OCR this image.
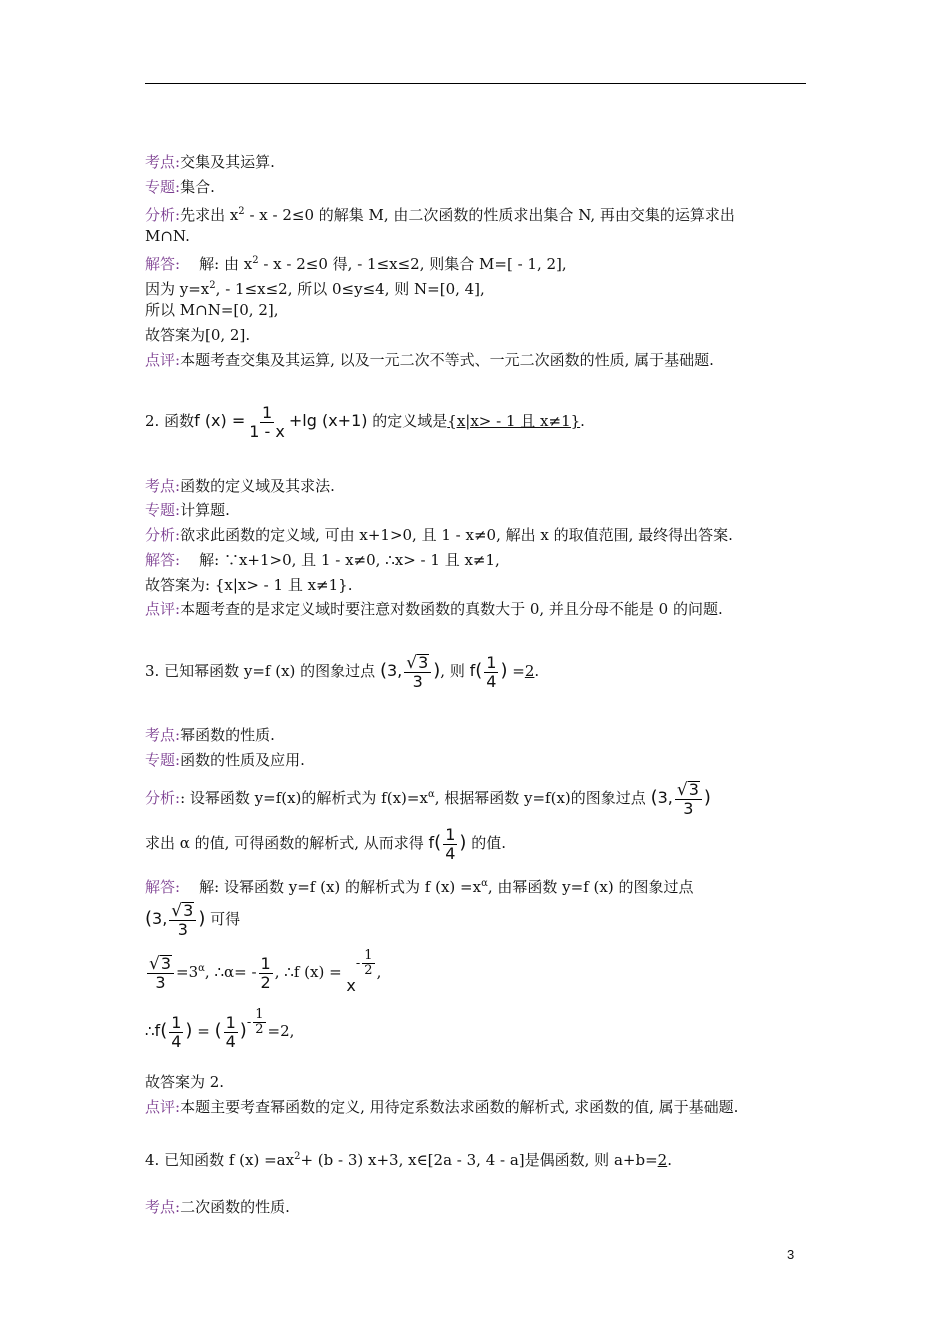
考点:交集及其运算.
专题:集合.
分析:先求出 $x^2 - x - 2\le 0$ 的解集 M, 由二次函数的性质求出集合 N, 再由交集的运算求出
M∩N.
解答: 解: 由 $x^2 - x - 2\le 0$ 得, - 1≤x≤2, 则集合 M=[ - 1, 2],
因为 $y=x^2$, - 1≤x≤2, 所以 0≤y≤4, 则 N=[0, 4],
所以 M∩N=[0, 2],
故答案为[0, 2].
点评:本题考查交集及其运算, 以及一元二次不等式、一元二次函数的性质, 属于基础题.
2. 函数f $(x) = \frac{1}{1 - x} +\lg$ (x+1) 的定义域是{x|x> - 1 且 x≠1}.
考点:函数的定义域及其求法.
专题:计算题.
分析:欲求此函数的定义域, 可由 x+1>0, 且 1 - x≠0, 解出 x 的取值范围, 最终得出答案.
解答: 解: ∵x+1>0, 且 1 - x≠0, ∴x> - 1 且 x≠1,
故答案为: {x|x> - 1 且 x≠1}.
点评:本题考查的是求定义域时要注意对数函数的真数大于 0, 并且分母不能是 0 的问题.
3. 已知幂函数 y=f (x) 的图象过点 (3, $\frac{√ 3}{3}$ ), 则 $f( \frac{1}{4}$ ) =2.
考点:幂函数的性质.
专题:函数的性质及应用.
分析:: 设幂函数 y=f(x)的解析式为 $f(x)=x^\alpha$, 根据幂函数 y=f(x)的图象过点 (3, $\frac{√ 3}{3}$ )
求出 α 的值, 可得函数的解析式, 从而求得 $f( \frac{1}{4}$ ) 的值.
解答: 解: 设幂函数 y=f (x) 的解析式为 f $(x) =x^\alpha$, 由幂函数 y=f (x) 的图象过点
(3, $\frac{√ 3}{3}$ ) 可得
$\frac{√ 3}{3} =3^\alpha$, ∴α= - $\frac{1}{2}$ , ∴f $(x) = x- \frac{1}{2}$ ,
∴f( $\frac{1}{4}$ ) = ( $\frac{1}{4}$ )- $\frac{1}{2} =2$,
故答案为 2.
点评:本题主要考查幂函数的定义, 用待定系数法求函数的解析式, 求函数的值, 属于基础题.
4. 已知函数 f $(x) =ax^2+ (b - 3)$ x+3, x∈[2a - 3, 4 - a]是偶函数, 则 a+b=2.
考点:二次函数的性质.
3
